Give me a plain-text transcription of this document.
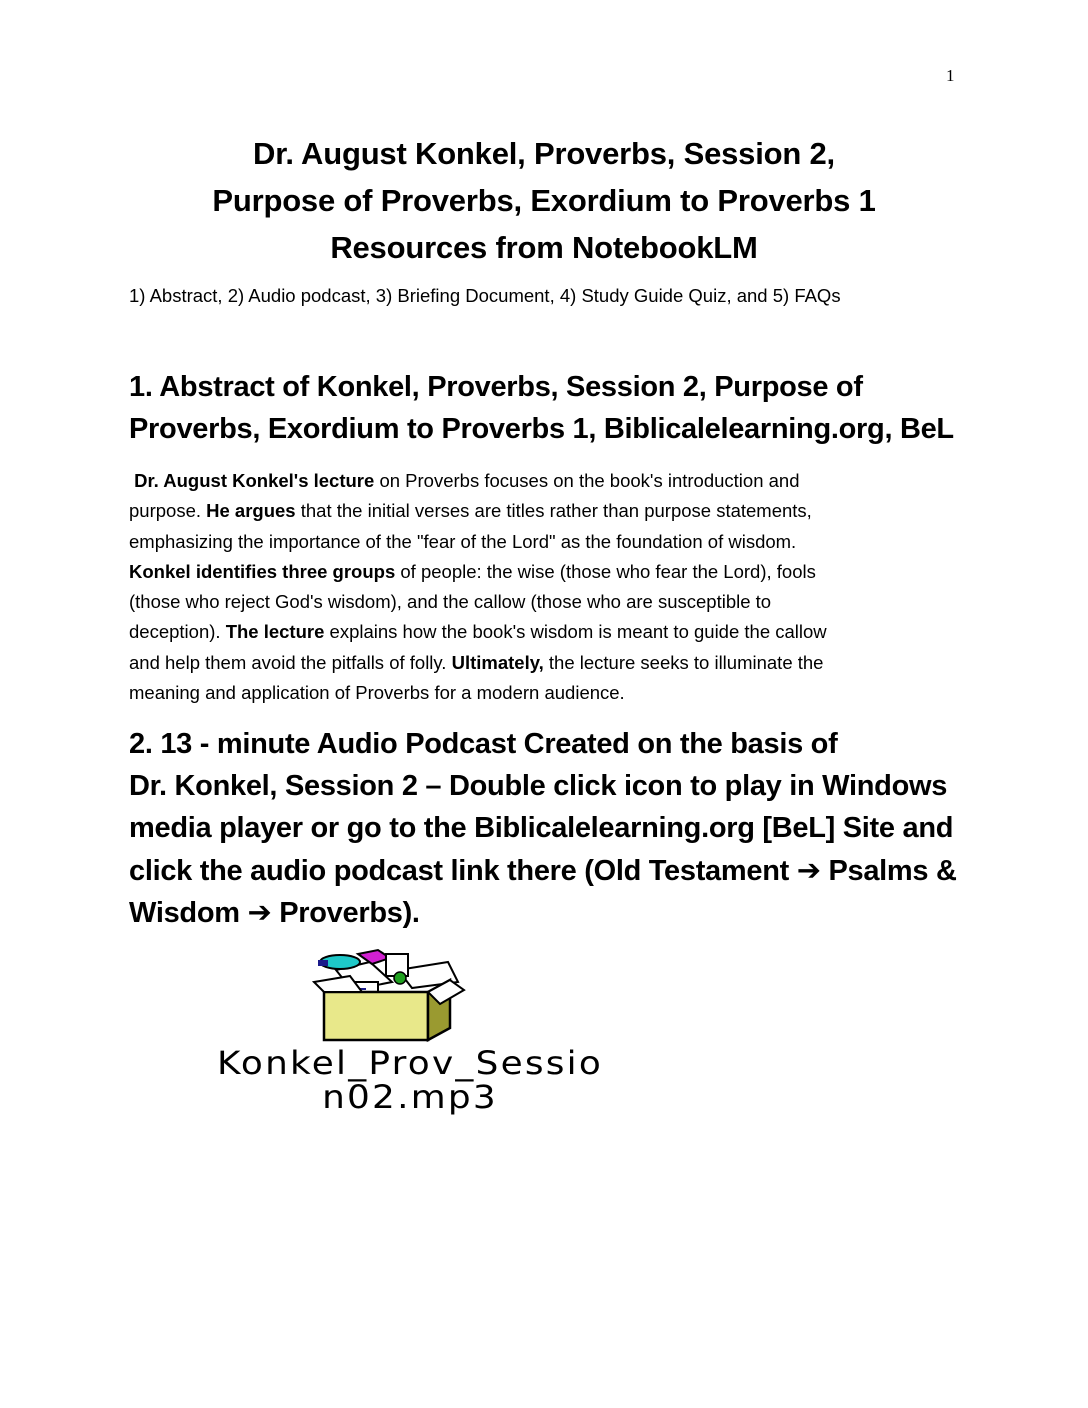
1
Dr. August Konkel, Proverbs, Session 2,
Purpose of Proverbs, Exordium to Proverbs 1
Resources from NotebookLM
1) Abstract, 2) Audio podcast, 3) Briefing Document, 4) Study Guide Quiz, and 5) FAQs
1. Abstract of Konkel, Proverbs, Session 2, Purpose of
Proverbs, Exordium to Proverbs 1, Biblicalelearning.org, BeL
Dr. August Konkel's lecture on Proverbs focuses on the book's introduction and
purpose. He argues that the initial verses are titles rather than purpose statements,
emphasizing the importance of the "fear of the Lord" as the foundation of wisdom.
Konkel identifies three groups of people: the wise (those who fear the Lord), fools
(those who reject God's wisdom), and the callow (those who are susceptible to
deception). The lecture explains how the book's wisdom is meant to guide the callow
and help them avoid the pitfalls of folly. Ultimately, the lecture seeks to illuminate the
meaning and application of Proverbs for a modern audience.
2. 13 - minute Audio Podcast Created on the basis of
Dr. Konkel, Session 2 – Double click icon to play in Windows
media player or go to the Biblicalelearning.org [BeL] Site and
click the audio podcast link there (Old Testament ➔ Psalms &
Wisdom ➔ Proverbs).
Konkel_Prov_Sessio
n02.mp3
